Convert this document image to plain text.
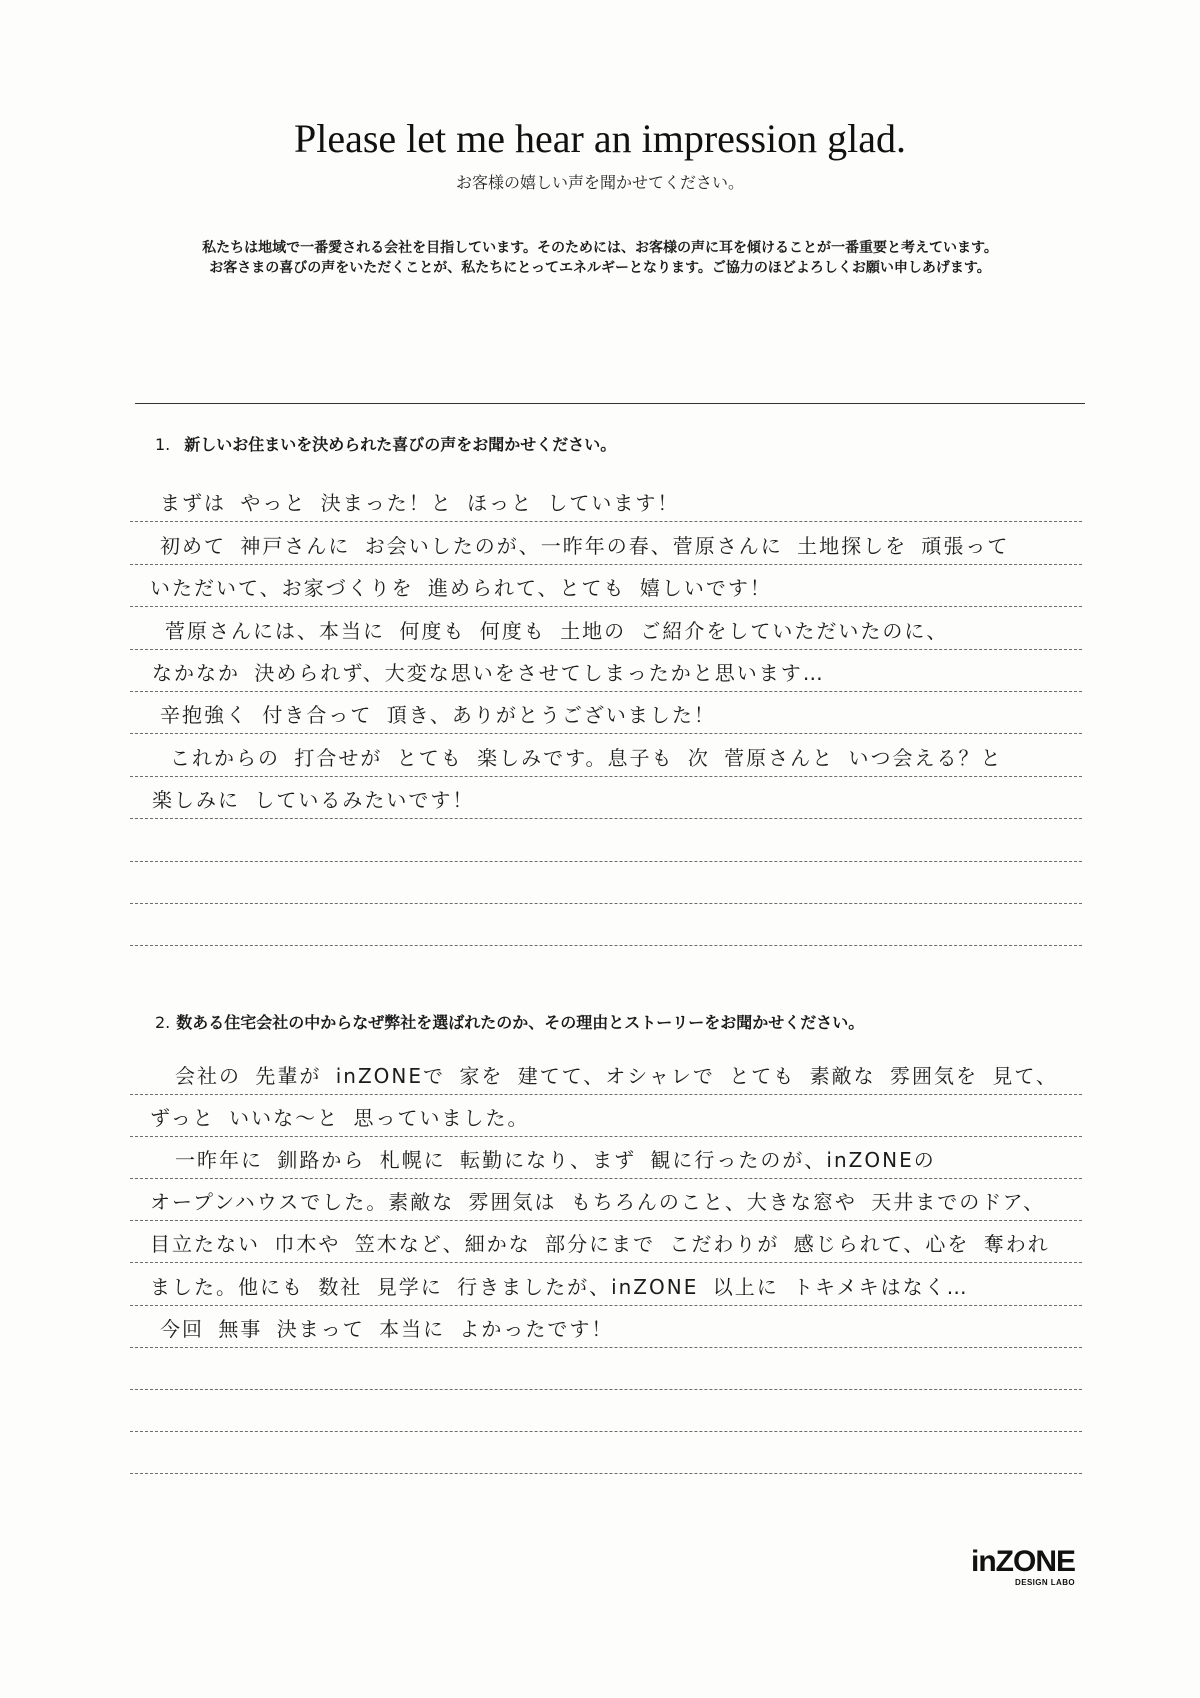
Please let me hear an impression glad.
お客様の嬉しい声を聞かせてください。
私たちは地域で一番愛される会社を目指しています。そのためには、お客様の声に耳を傾けることが一番重要と考えています。
お客さまの喜びの声をいただくことが、私たちにとってエネルギーとなります。ご協力のほどよろしくお願い申しあげます。
1. 新しいお住まいを決められた喜びの声をお聞かせください。
まずは やっと 決まった！と ほっと しています！
初めて 神戸さんに お会いしたのが、一昨年の春、菅原さんに 土地探しを 頑張って
いただいて、お家づくりを 進められて、とても 嬉しいです！
菅原さんには、本当に 何度も 何度も 土地の ご紹介をしていただいたのに、
なかなか 決められず、大変な思いをさせてしまったかと思います…
辛抱強く 付き合って 頂き、ありがとうございました！
これからの 打合せが とても 楽しみです。息子も 次 菅原さんと いつ会える？と
楽しみに しているみたいです！
2. 数ある住宅会社の中からなぜ弊社を選ばれたのか、その理由とストーリーをお聞かせください。
会社の 先輩が inZONEで 家を 建てて、オシャレで とても 素敵な 雰囲気を 見て、
ずっと いいな〜と 思っていました。
一昨年に 釧路から 札幌に 転勤になり、まず 観に行ったのが、inZONEの
オープンハウスでした。素敵な 雰囲気は もちろんのこと、大きな窓や 天井までのドア、
目立たない 巾木や 笠木など、細かな 部分にまで こだわりが 感じられて、心を 奪われ
ました。他にも 数社 見学に 行きましたが、inZONE 以上に トキメキはなく…
今回 無事 決まって 本当に よかったです！
inZONE
DESIGN LABO
